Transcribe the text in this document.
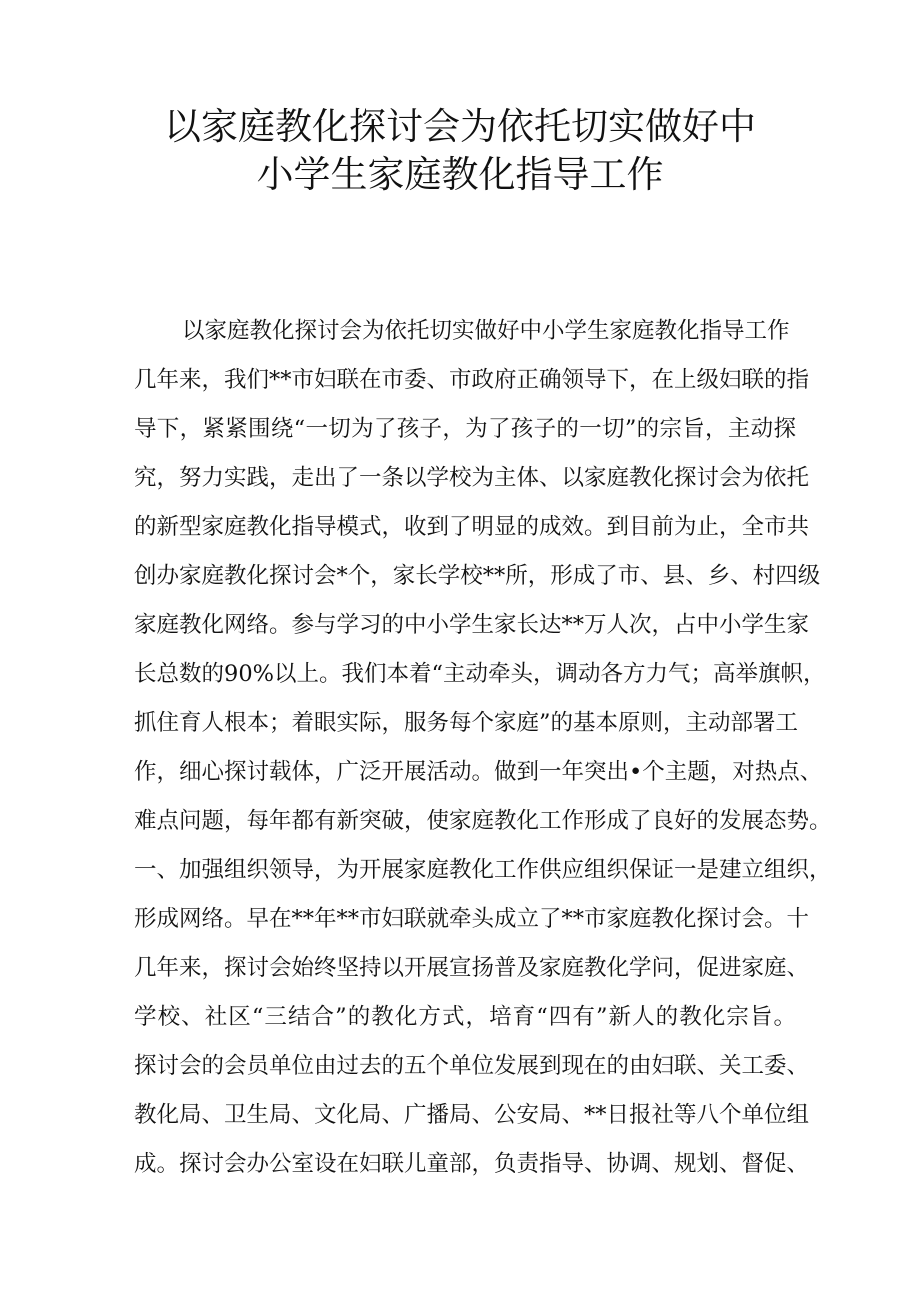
以家庭教化探讨会为依托切实做好中
小学生家庭教化指导工作

以家庭教化探讨会为依托切实做好中小学生家庭教化指导工作

几年来，我们**市妇联在市委、市政府正确领导下，在上级妇联的指

导下，紧紧围绕“一切为了孩子，为了孩子的一切”的宗旨，主动探

究，努力实践，走出了一条以学校为主体、以家庭教化探讨会为依托

的新型家庭教化指导模式，收到了明显的成效。到目前为止，全市共

创办家庭教化探讨会*个，家长学校**所，形成了市、县、乡、村四级

家庭教化网络。参与学习的中小学生家长达**万人次，占中小学生家

长总数的90%以上。我们本着“主动牵头，调动各方力气；高举旗帜，

抓住育人根本；着眼实际，服务每个家庭”的基本原则，主动部署工

作，细心探讨载体，广泛开展活动。做到一年突出•个主题，对热点、

难点问题，每年都有新突破，使家庭教化工作形成了良好的发展态势。

一、加强组织领导，为开展家庭教化工作供应组织保证一是建立组织，

形成网络。早在**年**市妇联就牵头成立了**市家庭教化探讨会。十

几年来，探讨会始终坚持以开展宣扬普及家庭教化学问，促进家庭、

学校、社区“三结合”的教化方式，培育“四有”新人的教化宗旨。

探讨会的会员单位由过去的五个单位发展到现在的由妇联、关工委、

教化局、卫生局、文化局、广播局、公安局、**日报社等八个单位组

成。探讨会办公室设在妇联儿童部，负责指导、协调、规划、督促、
